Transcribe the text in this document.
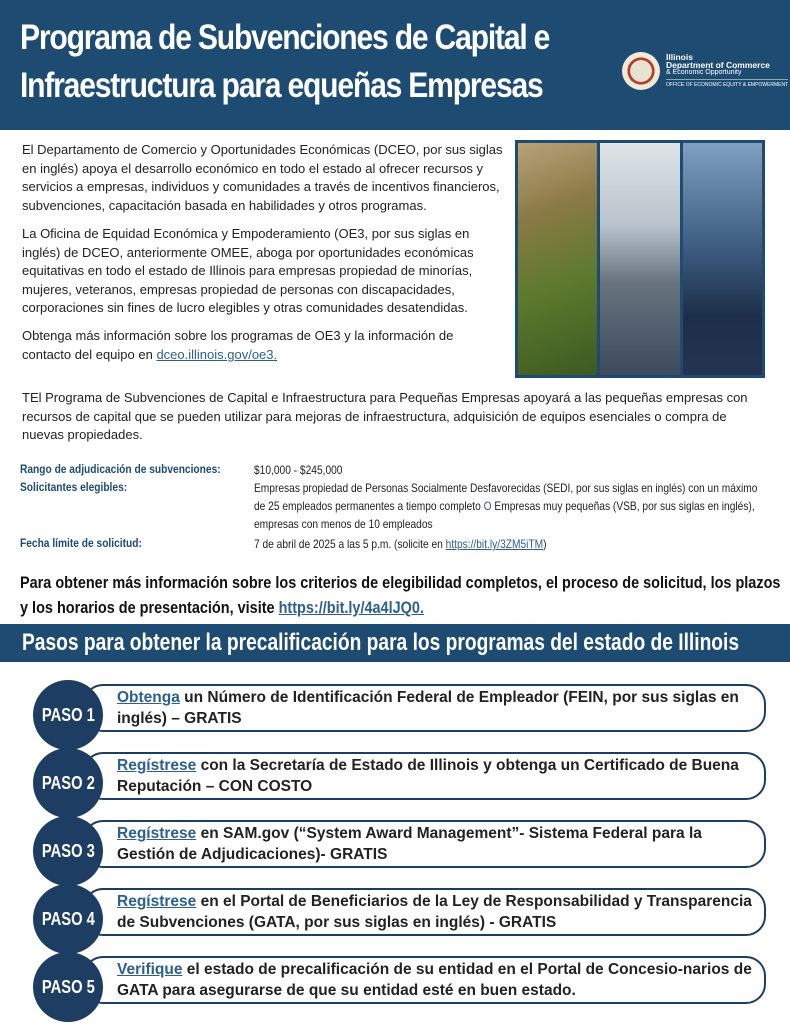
Programa de Subvenciones de Capital e
Infraestructura para equeñas Empresas
Illinois
Department of Commerce
& Economic Opportunity
OFFICE OF ECONOMIC EQUITY & EMPOWERMENT
El Departamento de Comercio y Oportunidades Económicas (DCEO, por sus siglas en inglés) apoya el desarrollo económico en todo el estado al ofrecer recursos y servicios a empresas, individuos y comunidades a través de incentivos financieros, subvenciones, capacitación basada en habilidades y otros programas.
La Oficina de Equidad Económica y Empoderamiento (OE3, por sus siglas en inglés) de DCEO, anteriormente OMEE, aboga por oportunidades económicas equitativas en todo el estado de Illinois para empresas propiedad de minorías, mujeres, veteranos, empresas propiedad de personas con discapacidades, corporaciones sin fines de lucro elegibles y otras comunidades desatendidas.
Obtenga más información sobre los programas de OE3 y la información de contacto del equipo en dceo.illinois.gov/oe3.
TEl Programa de Subvenciones de Capital e Infraestructura para Pequeñas Empresas apoyará a las pequeñas empresas con recursos de capital que se pueden utilizar para mejoras de infraestructura, adquisición de equipos esenciales o compra de nuevas propiedades.
Rango de adjudicación de subvenciones:	$10,000 - $245,000
Solicitantes elegibles:	Empresas propiedad de Personas Socialmente Desfavorecidas (SEDI, por sus siglas en inglés) con un máximo de 25 empleados permanentes a tiempo completo O Empresas muy pequeñas (VSB, por sus siglas en inglés), empresas con menos de 10 empleados
Fecha límite de solicitud:	7 de abril de 2025 a las 5 p.m. (solicite en https://bit.ly/3ZM5iTM)
Para obtener más información sobre los criterios de elegibilidad completos, el proceso de solicitud, los plazos y los horarios de presentación, visite https://bit.ly/4a4lJQ0.
Pasos para obtener la precalificación para los programas del estado de Illinois
PASO 1
Obtenga un Número de Identificación Federal de Empleador (FEIN, por sus siglas en inglés) – GRATIS
PASO 2
Regístrese con la Secretaría de Estado de Illinois y obtenga un Certificado de Buena Reputación – CON COSTO
PASO 3
Regístrese en SAM.gov (“System Award Management”- Sistema Federal para la Gestión de Adjudicaciones)- GRATIS
PASO 4
Regístrese en el Portal de Beneficiarios de la Ley de Responsabilidad y Transparencia de Subvenciones (GATA, por sus siglas en inglés) - GRATIS
PASO 5
Verifique el estado de precalificación de su entidad en el Portal de Concesio-narios de GATA para asegurarse de que su entidad esté en buen estado.
